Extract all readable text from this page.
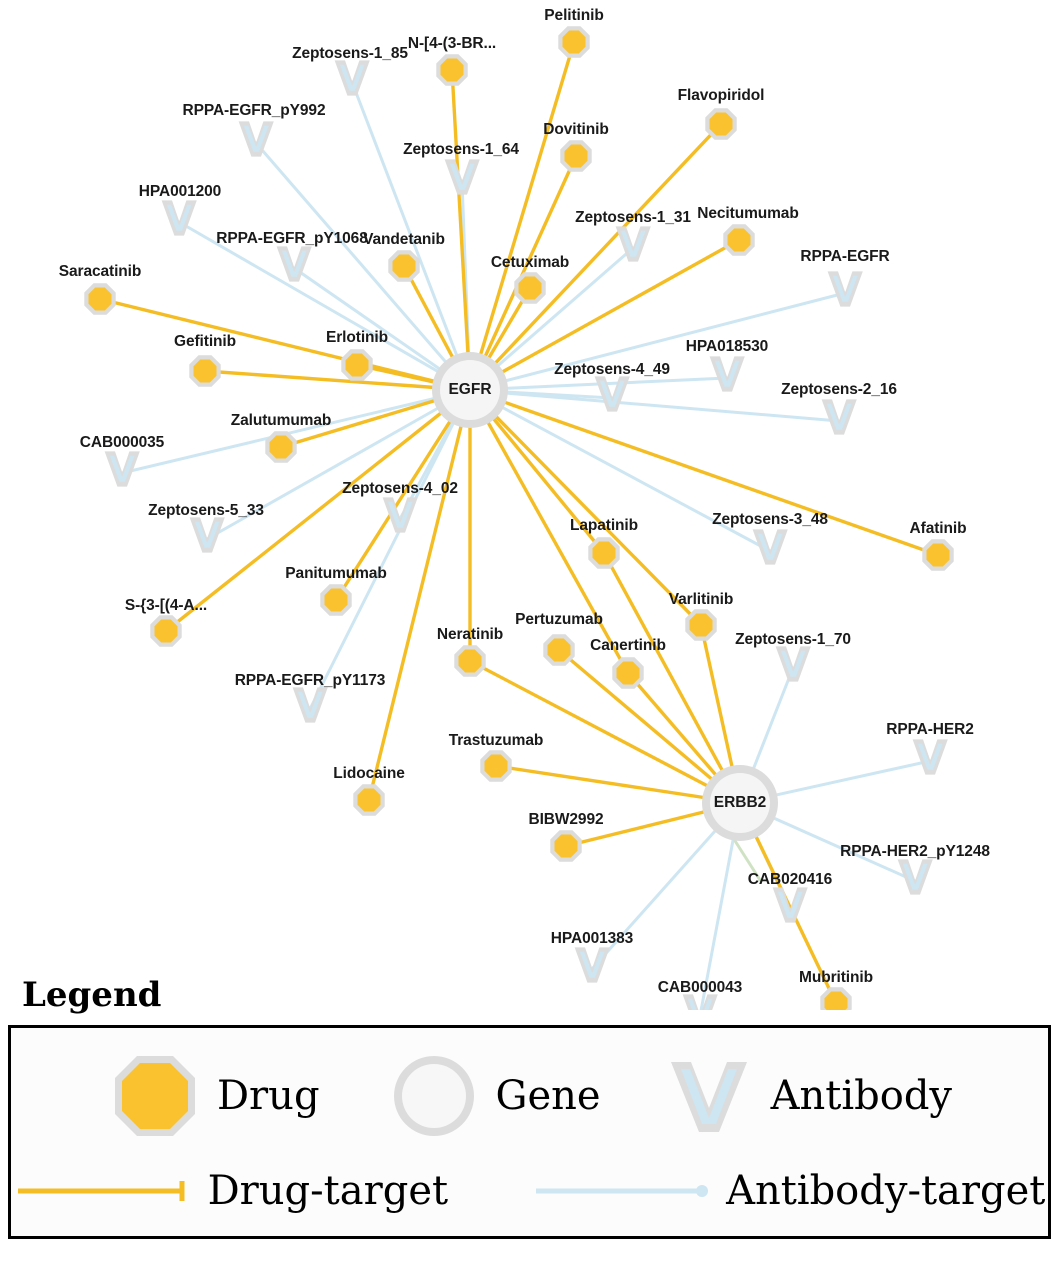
Pelitinib
N-[4-(3-BR...
Flavopiridol
Dovitinib
Necitumumab
Vandetanib
Cetuximab
Saracatinib
Erlotinib
Gefitinib
Zalutumumab
Afatinib
Lapatinib
Panitumumab
Varlitinib
S-{3-[(4-A...
Neratinib
Pertuzumab
Canertinib
Trastuzumab
Lidocaine
BIBW2992
Mubritinib
Zeptosens-1_85
RPPA-EGFR_pY992
Zeptosens-1_64
HPA001200
Zeptosens-1_31
RPPA-EGFR_pY1068
RPPA-EGFR
HPA018530
Zeptosens-4_49
Zeptosens-2_16
CAB000035
Zeptosens-4_02
Zeptosens-5_33
Zeptosens-3_48
Zeptosens-1_70
RPPA-EGFR_pY1173
RPPA-HER2
RPPA-HER2_pY1248
CAB020416
HPA001383
CAB000043
EGFR
ERBB2
Legend
Drug	Gene	Antibody
Drug-target	Antibody-target
